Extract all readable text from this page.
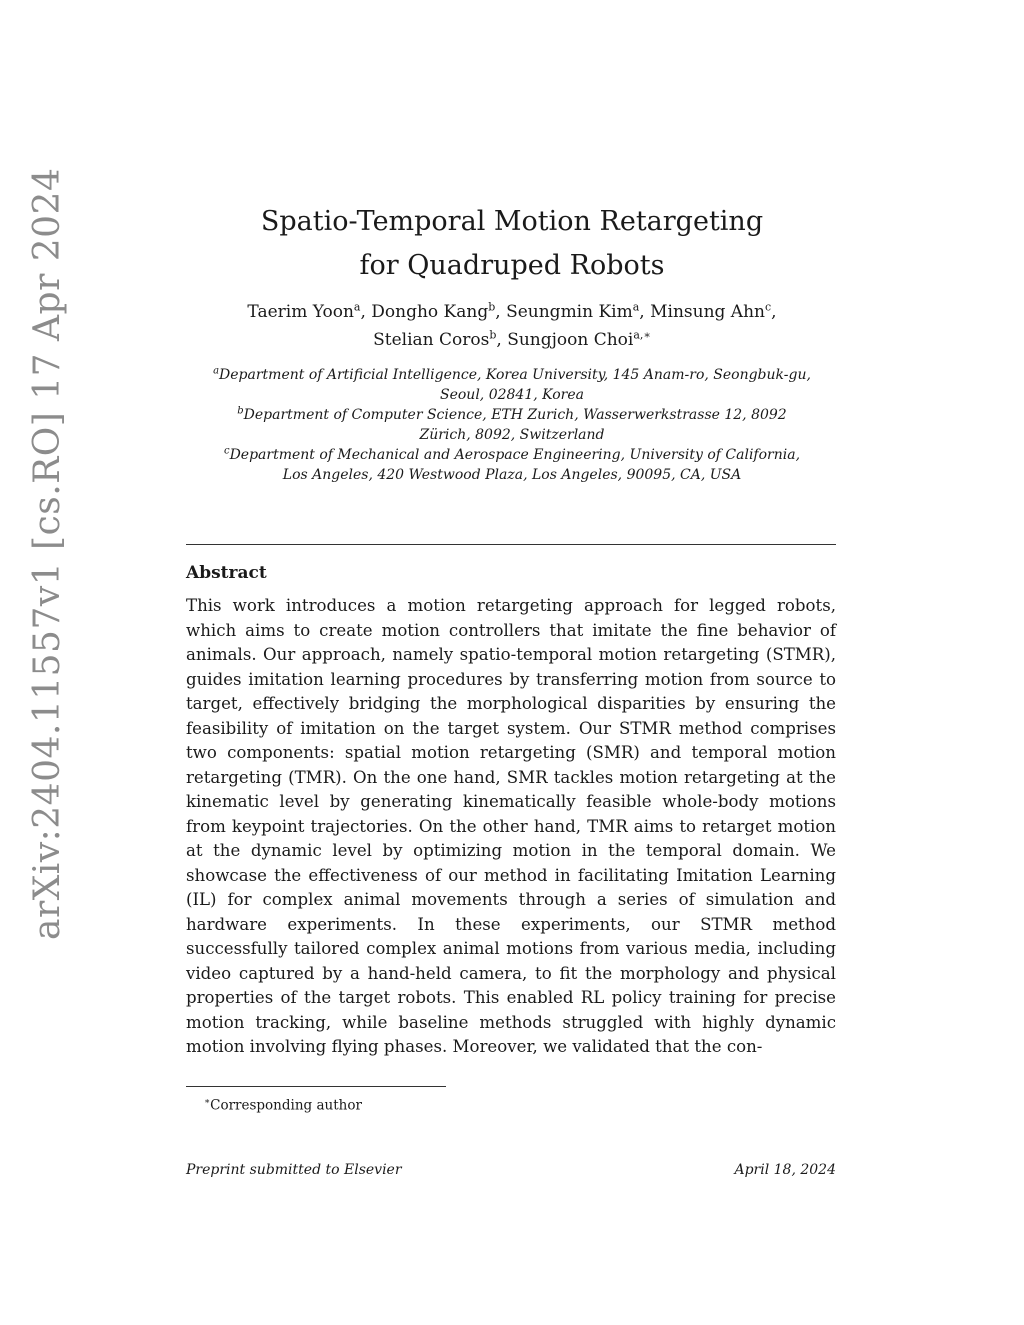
arXiv:2404.11557v1 [cs.RO] 17 Apr 2024	Spatio-Temporal Motion Retargeting
for Quadruped Robots
Taerim Yoon$^a$, Dongho Kang$^b$, Seungmin Kim$^a$, Minsung Ahn$^c$,
Stelian Coros$^b$, Sungjoon Choi$^{a,∗}$
$^a$Department of Artificial Intelligence, Korea University, 145 Anam-ro, Seongbuk-gu,
Seoul, 02841, Korea
$^b$Department of Computer Science, ETH Zurich, Wasserwerkstrasse 12, 8092
Zürich, 8092, Switzerland
$^c$Department of Mechanical and Aerospace Engineering, University of California,
Los Angeles, 420 Westwood Plaza, Los Angeles, 90095, CA, USA
Abstract
This work introduces a motion retargeting approach for legged robots, which aims to create motion controllers that imitate the fine behavior of animals. Our approach, namely spatio-temporal motion retargeting (STMR), guides imitation learning procedures by transferring motion from source to target, effectively bridging the morphological disparities by ensuring the feasibility of imitation on the target system. Our STMR method comprises two components: spatial motion retargeting (SMR) and temporal motion retargeting (TMR). On the one hand, SMR tackles motion retargeting at the kinematic level by generating kinematically feasible whole-body motions from keypoint trajectories. On the other hand, TMR aims to retarget motion at the dynamic level by optimizing motion in the temporal domain. We showcase the effectiveness of our method in facilitating Imitation Learning (IL) for complex animal movements through a series of simulation and hardware experiments. In these experiments, our STMR method successfully tailored complex animal motions from various media, including video captured by a hand-held camera, to fit the morphology and physical properties of the target robots. This enabled RL policy training for precise motion tracking, while baseline methods struggled with highly dynamic motion involving flying phases. Moreover, we validated that the con-
∗Corresponding author
Preprint submitted to Elsevier	April 18, 2024
